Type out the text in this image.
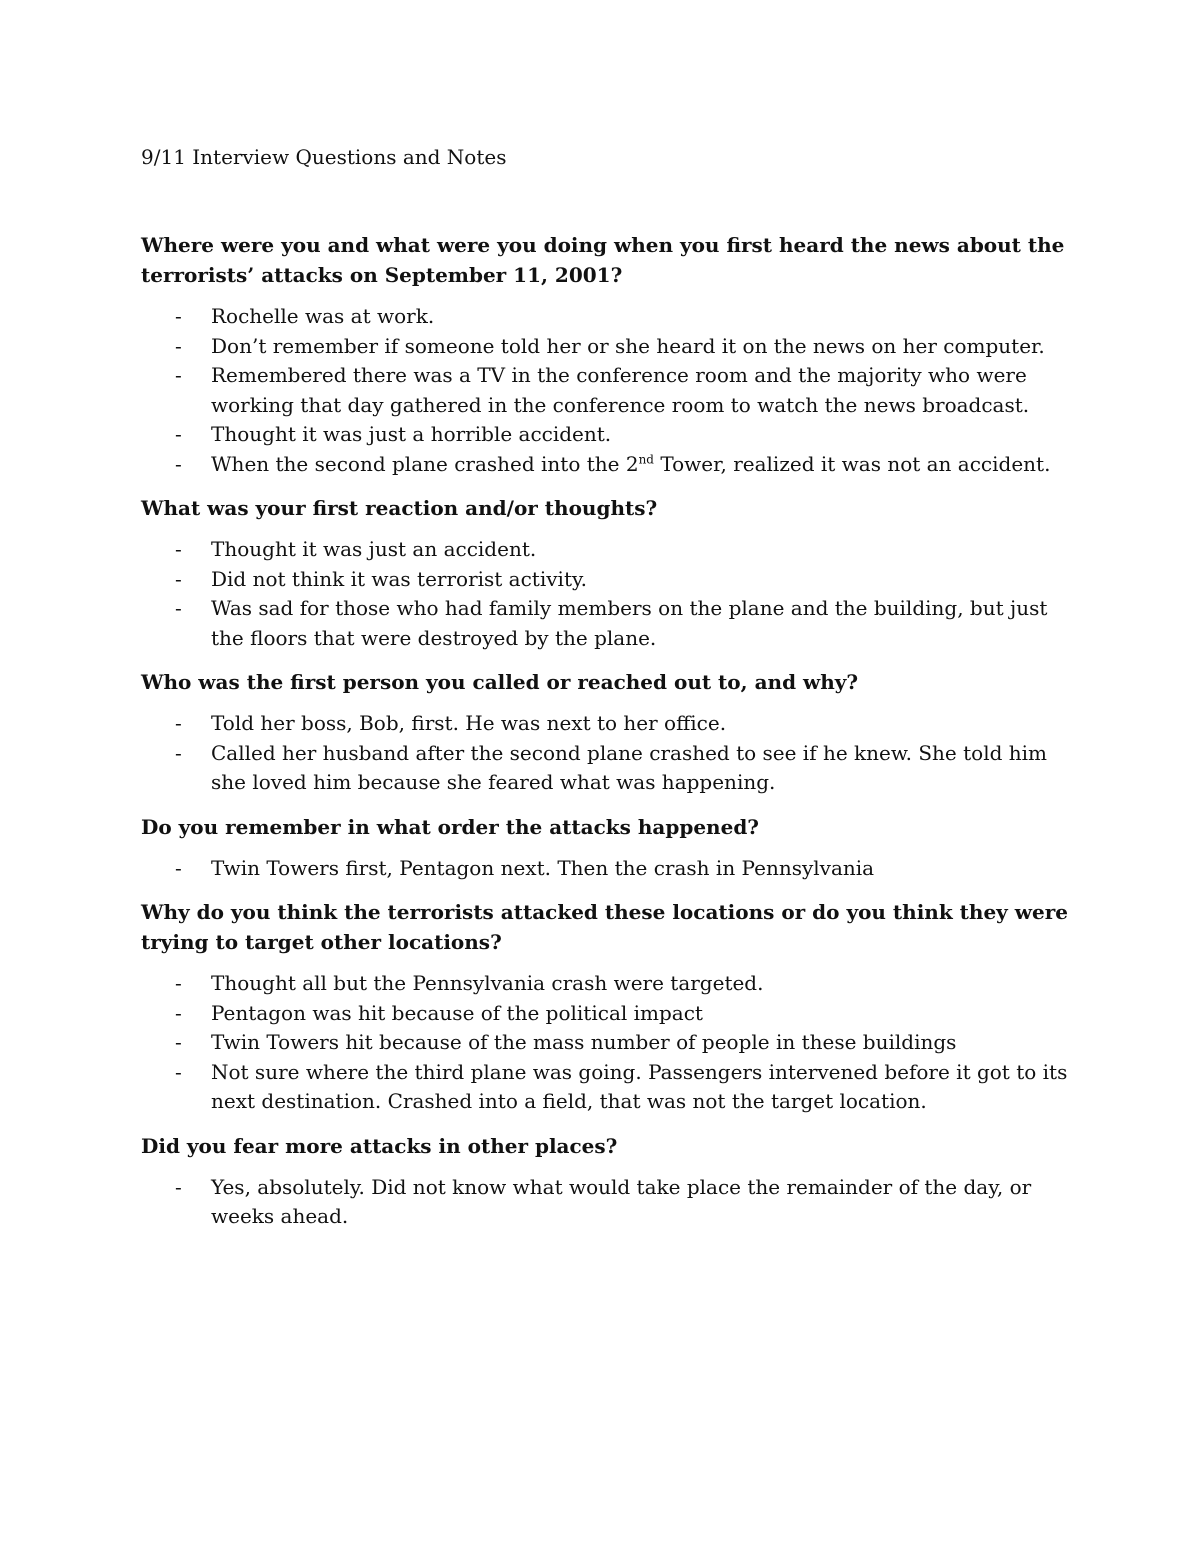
9/11 Interview Questions and Notes

Where were you and what were you doing when you first heard the news about the terrorists’ attacks on September 11, 2001?

- Rochelle was at work.
- Don’t remember if someone told her or she heard it on the news on her computer.
- Remembered there was a TV in the conference room and the majority who were working that day gathered in the conference room to watch the news broadcast.
- Thought it was just a horrible accident.
- When the second plane crashed into the 2nd Tower, realized it was not an accident.

What was your first reaction and/or thoughts?

- Thought it was just an accident.
- Did not think it was terrorist activity.
- Was sad for those who had family members on the plane and the building, but just the floors that were destroyed by the plane.

Who was the first person you called or reached out to, and why?

- Told her boss, Bob, first. He was next to her office.
- Called her husband after the second plane crashed to see if he knew. She told him she loved him because she feared what was happening.

Do you remember in what order the attacks happened?

- Twin Towers first, Pentagon next. Then the crash in Pennsylvania

Why do you think the terrorists attacked these locations or do you think they were trying to target other locations?

- Thought all but the Pennsylvania crash were targeted.
- Pentagon was hit because of the political impact
- Twin Towers hit because of the mass number of people in these buildings
- Not sure where the third plane was going. Passengers intervened before it got to its next destination. Crashed into a field, that was not the target location.

Did you fear more attacks in other places?

- Yes, absolutely. Did not know what would take place the remainder of the day, or weeks ahead.
